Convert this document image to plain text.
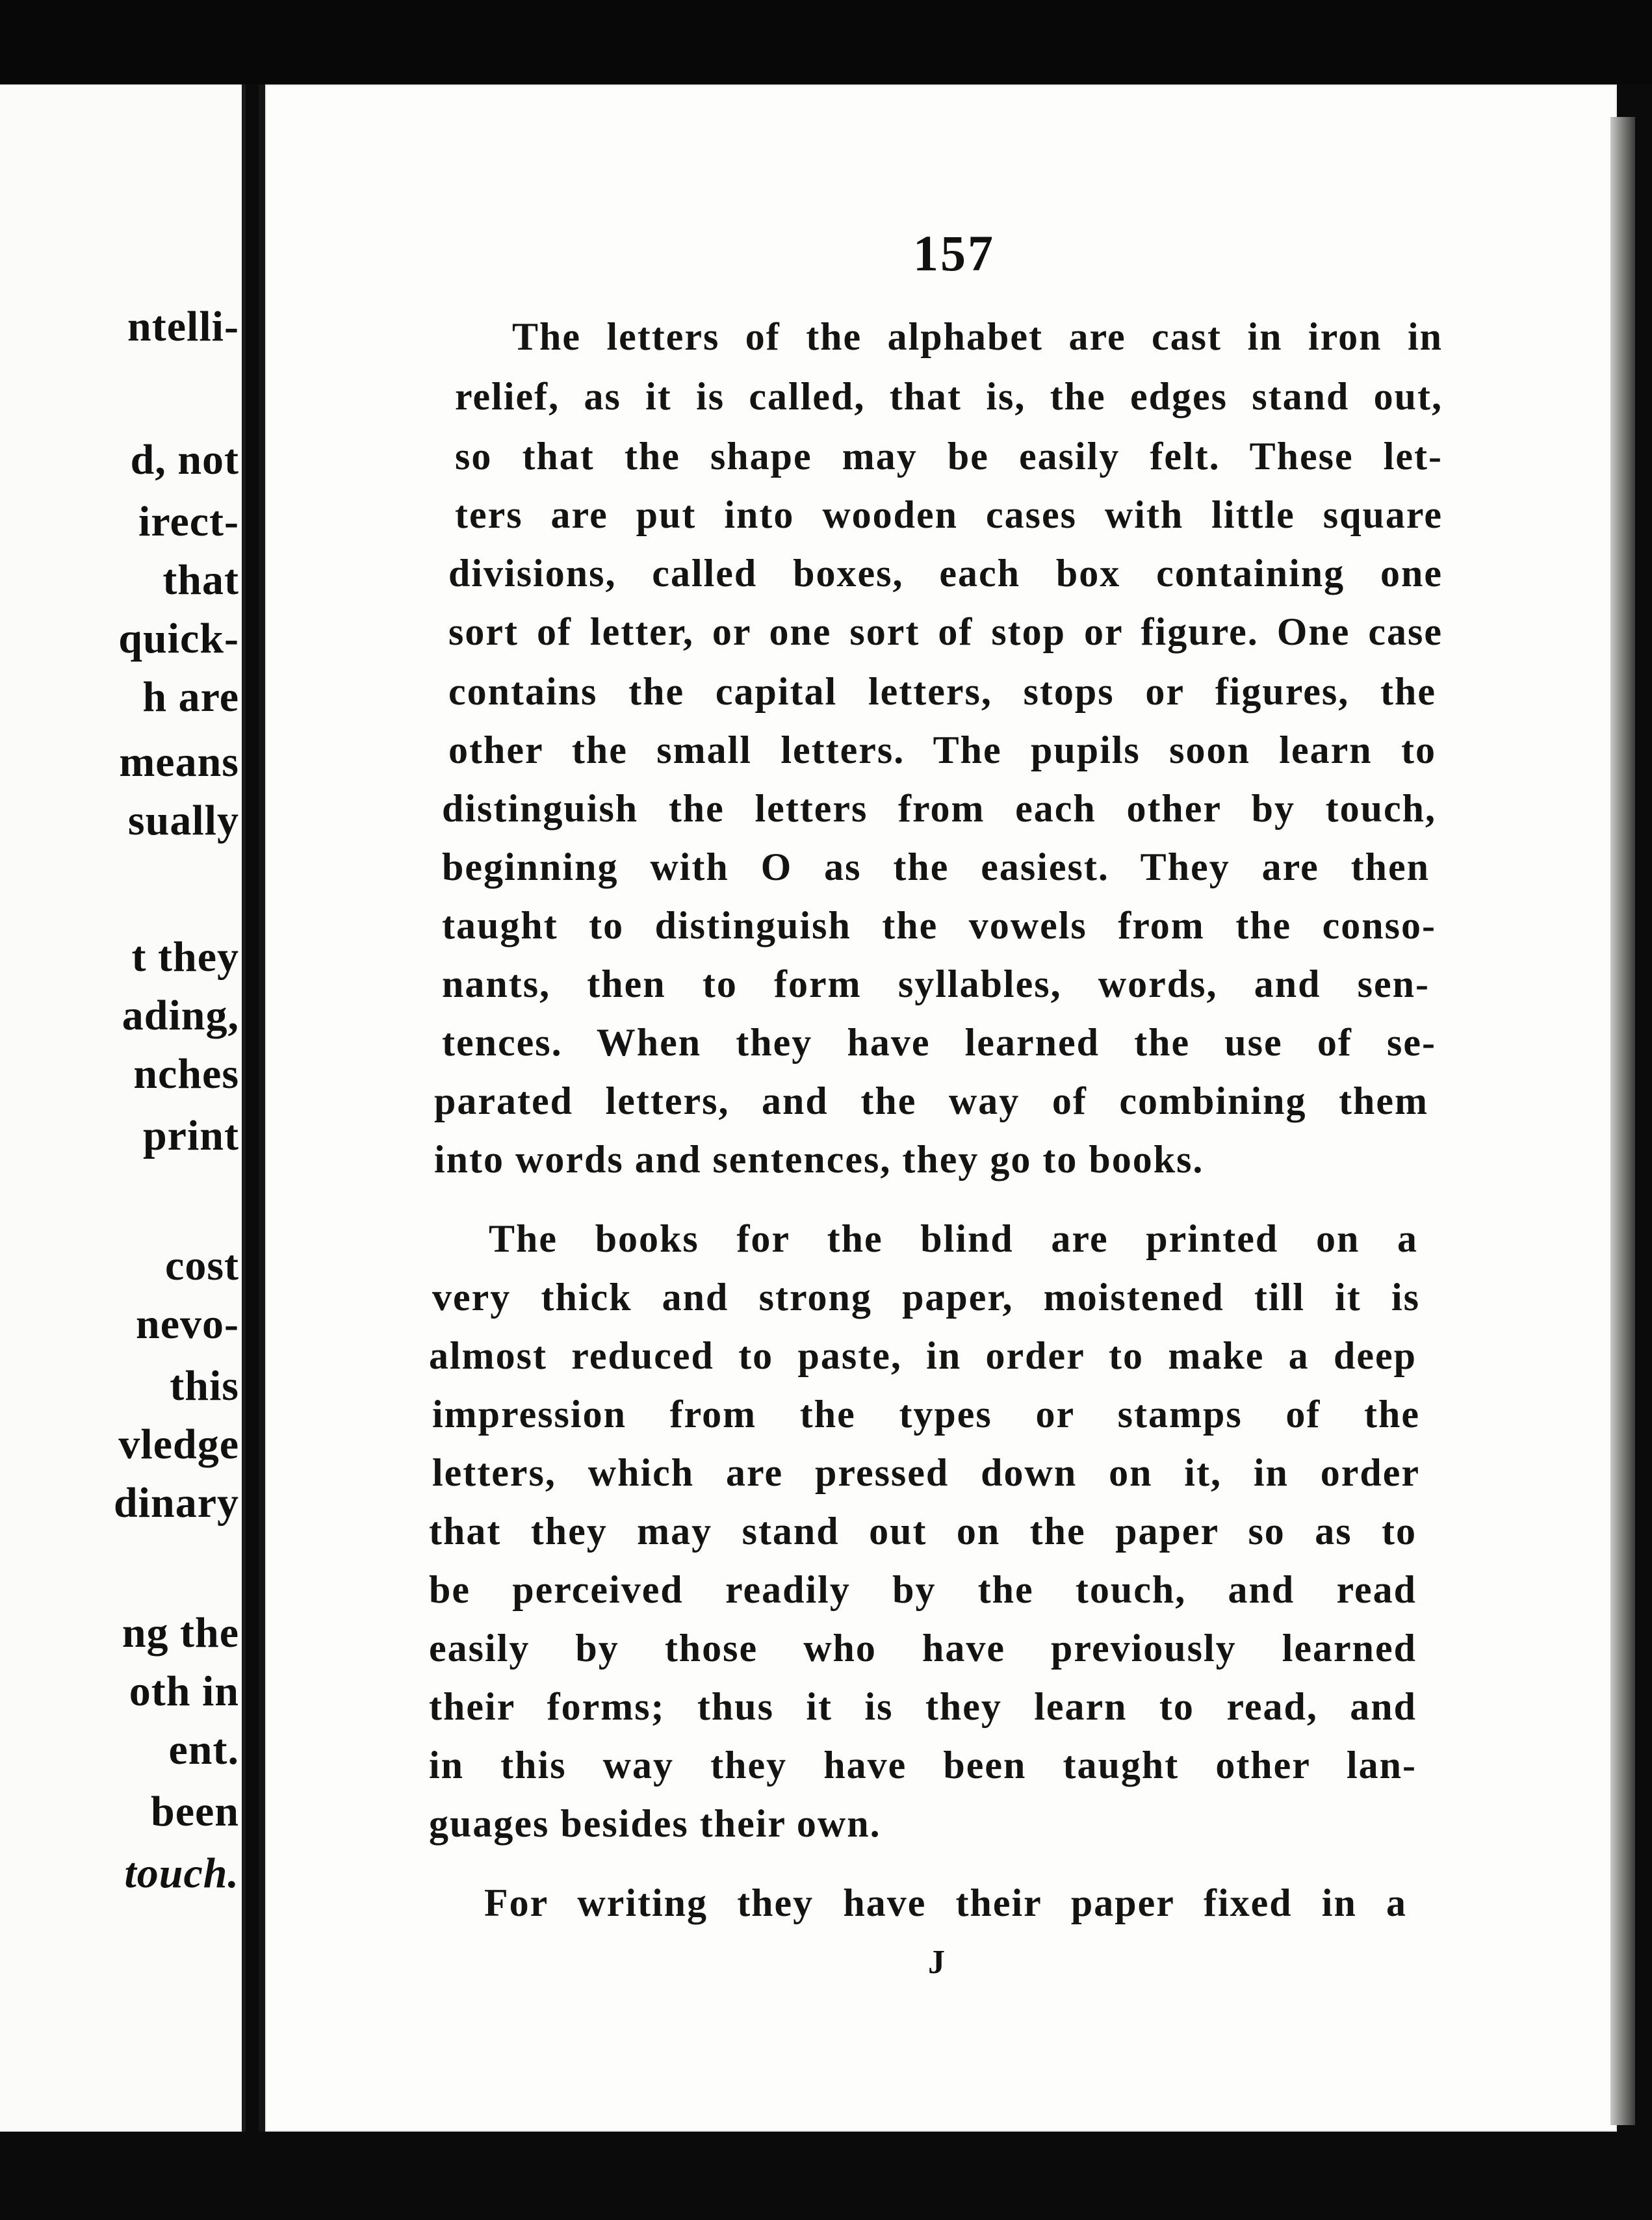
ntelli-
d, not
irect-
that
quick-
h are
means
sually
t they
ading,
nches
print
cost
nevo-
this
vledge
dinary
ng the
oth in
ent.
been
touch.
157
The letters of the alphabet are cast in iron in
relief, as it is called, that is, the edges stand out,
so that the shape may be easily felt. These let-
ters are put into wooden cases with little square
divisions, called boxes, each box containing one
sort of letter, or one sort of stop or figure. One case
contains the capital letters, stops or figures, the
other the small letters. The pupils soon learn to
distinguish the letters from each other by touch,
beginning with O as the easiest. They are then
taught to distinguish the vowels from the conso-
nants, then to form syllables, words, and sen-
tences. When they have learned the use of se-
parated letters, and the way of combining them
into words and sentences, they go to books.
The books for the blind are printed on a
very thick and strong paper, moistened till it is
almost reduced to paste, in order to make a deep
impression from the types or stamps of the
letters, which are pressed down on it, in order
that they may stand out on the paper so as to
be perceived readily by the touch, and read
easily by those who have previously learned
their forms; thus it is they learn to read, and
in this way they have been taught other lan-
guages besides their own.
For writing they have their paper fixed in a
J
